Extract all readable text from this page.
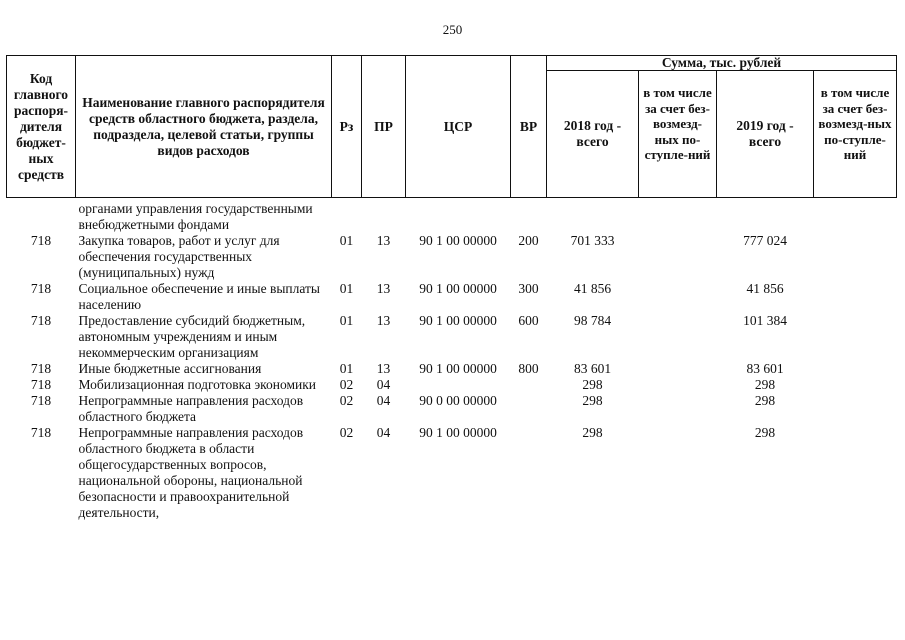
250
Код главного распоря-дителя бюджет-ных средств	Наименование главного распорядителя средств областного бюджета, раздела, подраздела, целевой статьи, группы видов расходов	Рз	ПР	ЦСР	ВР	Сумма, тыс. рублей			
						2018 год - всего	в том числе за счет без-возмезд-ных по-ступле-ний	2019 год - всего	в том числе за счет без-возмезд-ных по-ступле-ний
	органами управления государственными внебюджетными фондами								
718	Закупка товаров, работ и услуг для обеспечения государственных (муниципальных) нужд	01	13	90 1 00 00000	200	701 333		777 024	
718	Социальное обеспечение и иные выплаты населению	01	13	90 1 00 00000	300	41 856		41 856	
718	Предоставление субсидий бюджетным, автономным учреждениям и иным некоммерческим организациям	01	13	90 1 00 00000	600	98 784		101 384	
718	Иные бюджетные ассигнования	01	13	90 1 00 00000	800	83 601		83 601	
718	Мобилизационная подготовка экономики	02	04			298		298	
718	Непрограммные направления расходов областного бюджета	02	04	90 0 00 00000		298		298	
718	Непрограммные направления расходов областного бюджета в области общегосударственных вопросов, национальной обороны, национальной безопасности и правоохранительной деятельности,	02	04	90 1 00 00000		298		298	
